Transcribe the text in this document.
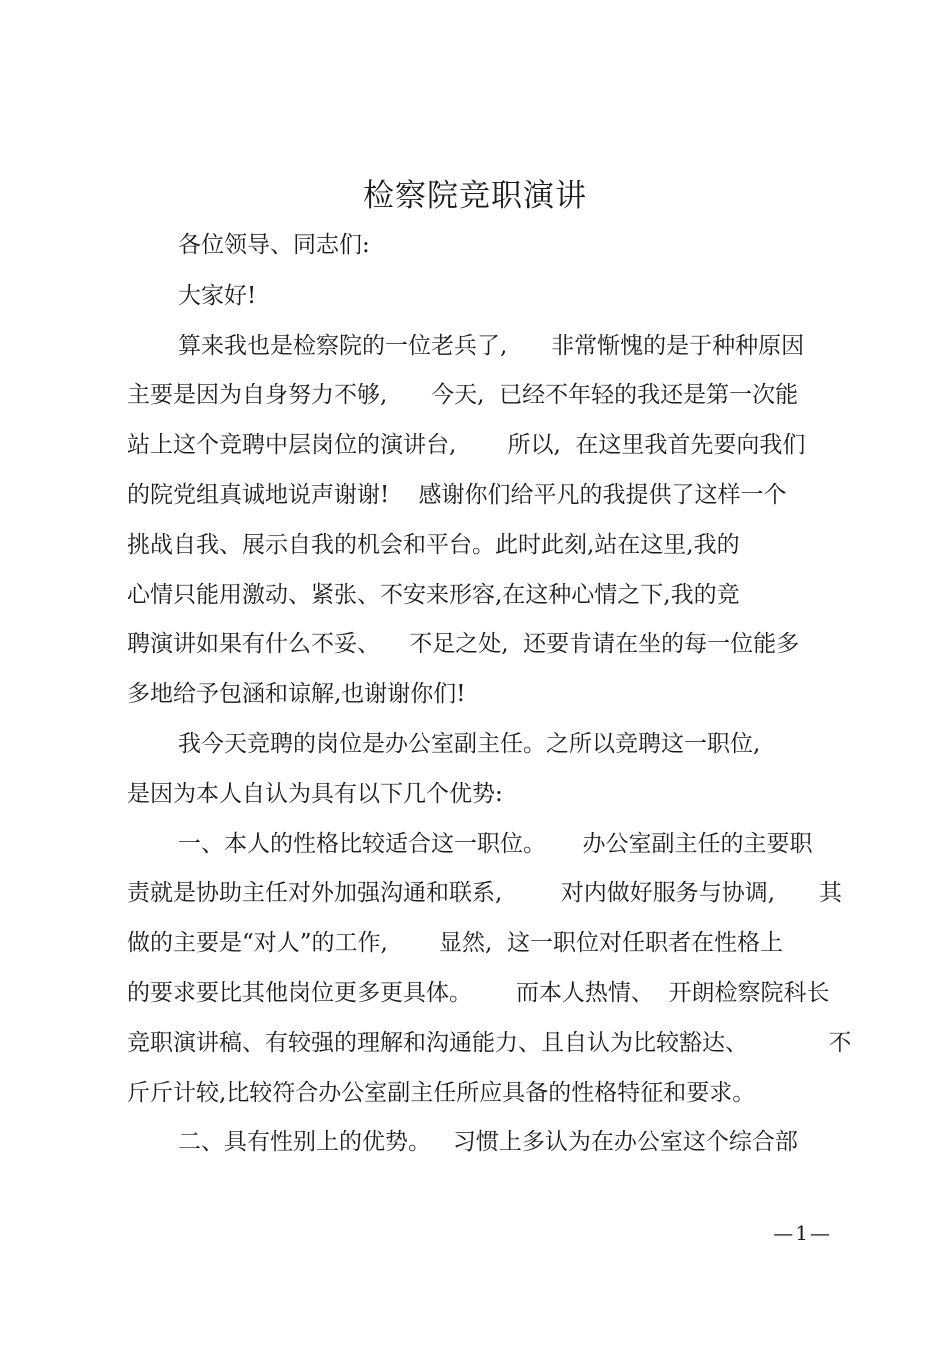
检察院竞职演讲
各位领导、同志们:
大家好!
算来我也是检察院的一位老兵了,      非常惭愧的是于种种原因
主要是因为自身努力不够,      今天,  已经不年轻的我还是第一次能
站上这个竞聘中层岗位的演讲台,       所以,  在这里我首先要向我们
的院党组真诚地说声谢谢!    感谢你们给平凡的我提供了这样一个
挑战自我、展示自我的机会和平台。此时此刻,站在这里,我的
心情只能用激动、紧张、不安来形容,在这种心情之下,我的竞
聘演讲如果有什么不妥、    不足之处,  还要肯请在坐的每一位能多
多地给予包涵和谅解,也谢谢你们!
我今天竞聘的岗位是办公室副主任。之所以竞聘这一职位,
是因为本人自认为具有以下几个优势:
一、本人的性格比较适合这一职位。     办公室副主任的主要职
责就是协助主任对外加强沟通和联系,        对内做好服务与协调,      其
做的主要是“对人”的工作,       显然,  这一职位对任职者在性格上
的要求要比其他岗位更多更具体。      而本人热情、  开朗检察院科长
竞职演讲稿、有较强的理解和沟通能力、且自认为比较豁达、           不
斤斤计较,比较符合办公室副主任所应具备的性格特征和要求。
二、具有性别上的优势。   习惯上多认为在办公室这个综合部
—1—
